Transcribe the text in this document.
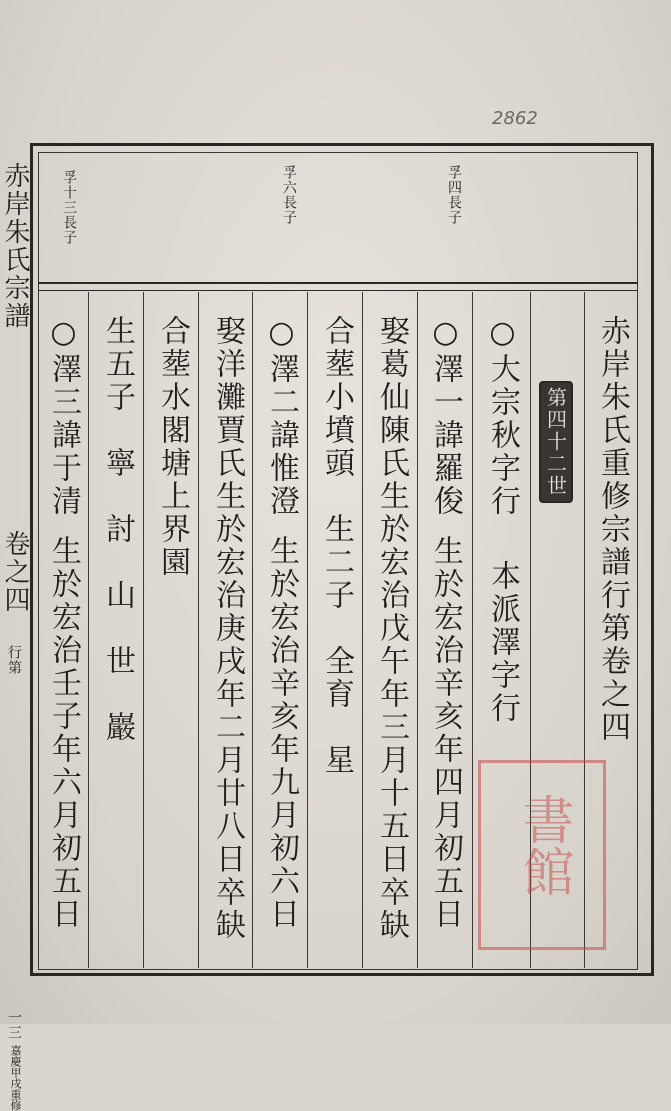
2862
赤岸朱氏宗譜
卷之四
行第
一三
嘉慶甲戌重修
孚十三長子	孚六長子	孚四長子
赤岸朱氏重修宗譜行第卷之四
第四十二世
○大宗秋字行
本派澤字行
○澤一諱羅俊
生於宏治辛亥年四月初五日
娶葛仙陳氏生於宏治戊午年三月十五日卒缺
合塟小墳頭　生二子　全育　星
○澤二諱惟澄
生於宏治辛亥年九月初六日
娶洋灘賈氏生於宏治庚戌年二月廿八日卒缺
合塟水閣塘上界園
生五子　寧　討　山　世　巖
○澤三諱于清
生於宏治壬子年六月初五日	書館
